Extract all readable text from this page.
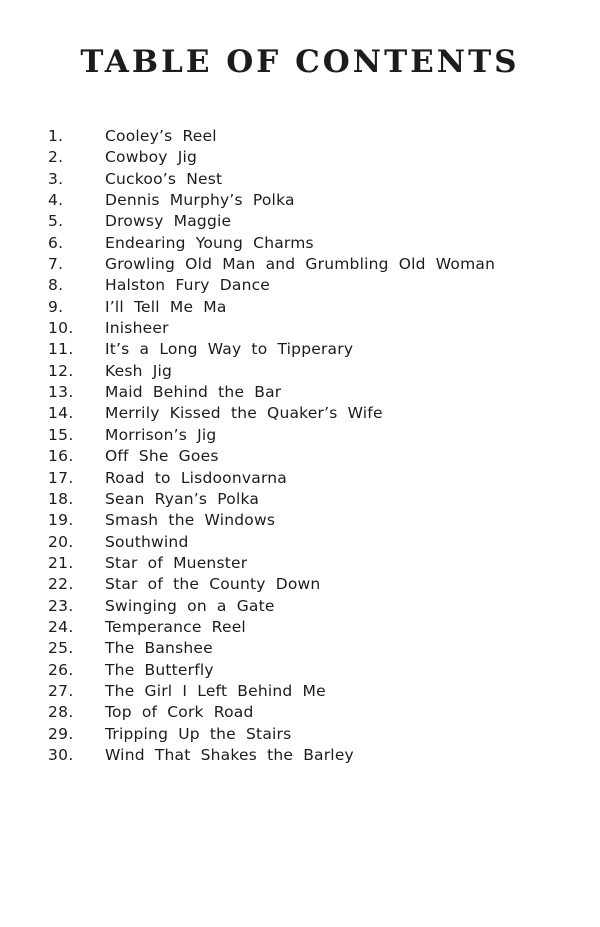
TABLE OF CONTENTS
1.	Cooley’s Reel
2.	Cowboy Jig
3.	Cuckoo’s Nest
4.	Dennis Murphy’s Polka
5.	Drowsy Maggie
6.	Endearing Young Charms
7.	Growling Old Man and Grumbling Old Woman
8.	Halston Fury Dance
9.	I’ll Tell Me Ma
10.	Inisheer
11.	It’s a Long Way to Tipperary
12.	Kesh Jig
13.	Maid Behind the Bar
14.	Merrily Kissed the Quaker’s Wife
15.	Morrison’s Jig
16.	Off She Goes
17.	Road to Lisdoonvarna
18.	Sean Ryan’s Polka
19.	Smash the Windows
20.	Southwind
21.	Star of Muenster
22.	Star of the County Down
23.	Swinging on a Gate
24.	Temperance Reel
25.	The Banshee
26.	The Butterfly
27.	The Girl I Left Behind Me
28.	Top of Cork Road
29.	Tripping Up the Stairs
30.	Wind That Shakes the Barley
